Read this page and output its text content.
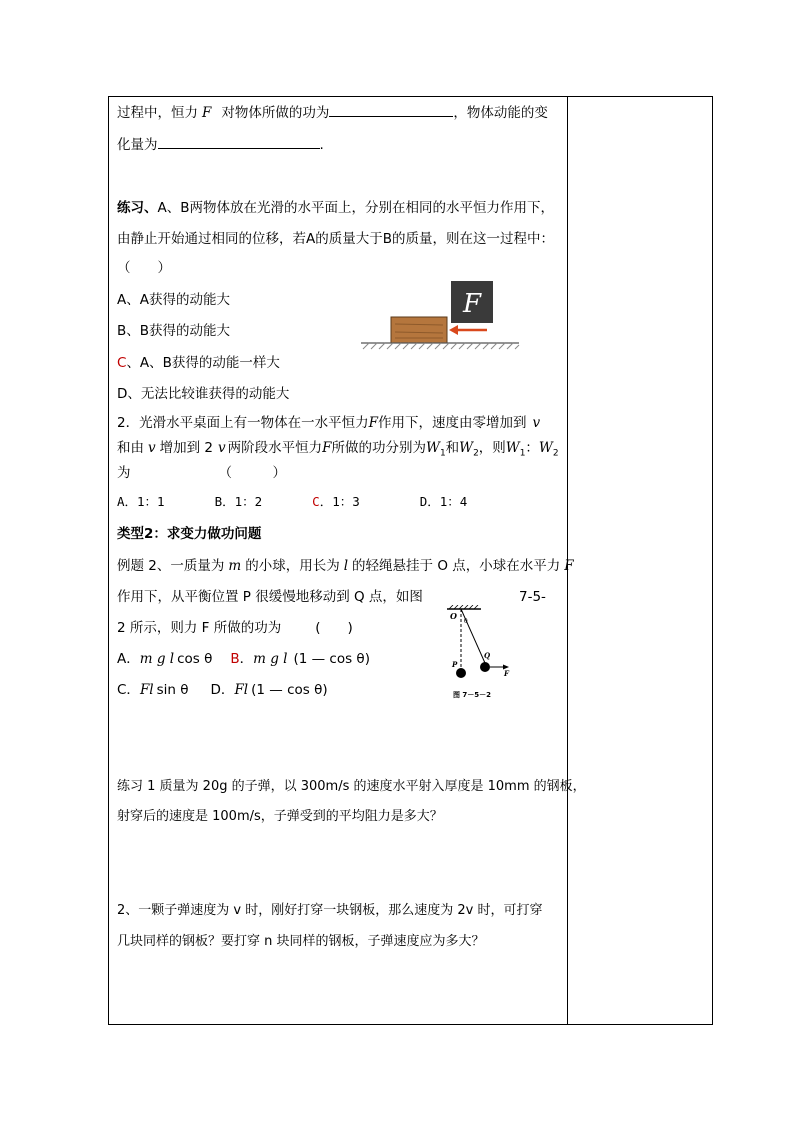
过程中，恒力 F 对物体所做的功为	，物体动能的变
化量为	.
练习、A、B两物体放在光滑的水平面上，分别在相同的水平恒力作用下，
由静止开始通过相同的位移，若A的质量大于B的质量，则在这一过程中：
（　　）
A、A获得的动能大
B、B获得的动能大
C、A、B获得的动能一样大
D、无法比较谁获得的动能大
F
2．光滑水平桌面上有一物体在一水平恒力F作用下，速度由零增加到 v
和由 v 增加到 2 v 两阶段水平恒力F所做的功分别为$W_1$和$W_2$，则$W_1$：$W_2$
为	（　　　）
A．1：1	B．1：2	C．1：3	D．1：4
类型2：求变力做功问题
例题 2、一质量为 m 的小球，用长为 l 的轻绳悬挂于 O 点，小球在水平力 F
作用下，从平衡位置 P 很缓慢地移动到 Q 点，如图	7-5-
2 所示，则力 F 所做的功为	(　　)
A．m g l cos θ B．m g l (1 — cos θ)
C．Fl sin θ D．Fl (1 — cos θ)
O
θ
P
Q
F
图 7－5－2
练习 1 质量为 20g 的子弹，以 300m/s 的速度水平射入厚度是 10mm 的钢板，
射穿后的速度是 100m/s，子弹受到的平均阻力是多大？
2、一颗子弹速度为 v 时，刚好打穿一块钢板，那么速度为 2v 时，可打穿
几块同样的钢板？要打穿 n 块同样的钢板，子弹速度应为多大？
